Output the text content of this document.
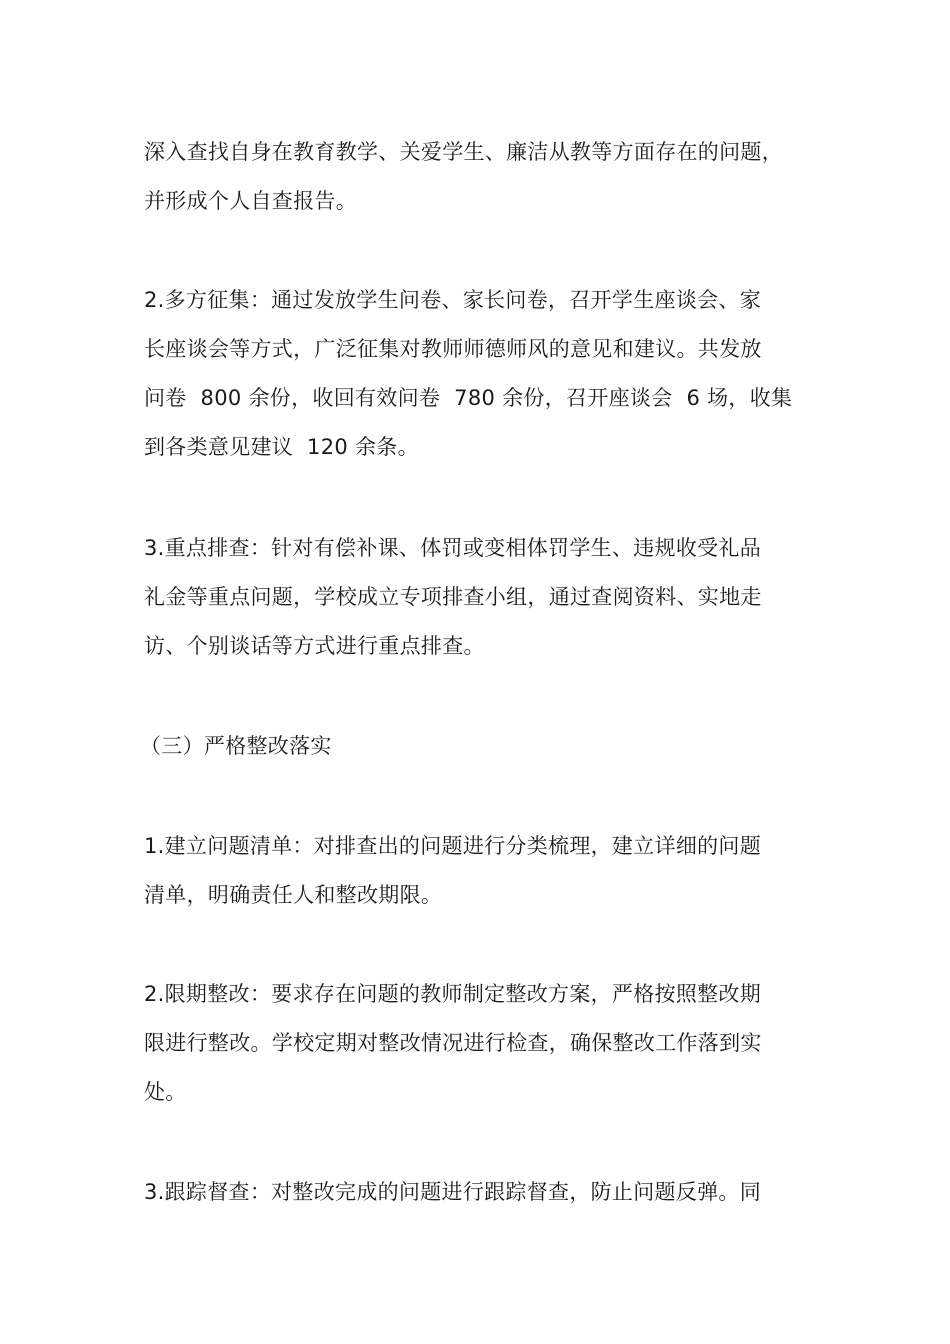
深入查找自身在教育教学、关爱学生、廉洁从教等方面存在的问题，
并形成个人自查报告。
2.多方征集：通过发放学生问卷、家长问卷，召开学生座谈会、家
长座谈会等方式，广泛征集对教师师德师风的意见和建议。共发放
问卷  800 余份，收回有效问卷  780 余份，召开座谈会  6 场，收集
到各类意见建议  120 余条。
3.重点排查：针对有偿补课、体罚或变相体罚学生、违规收受礼品
礼金等重点问题，学校成立专项排查小组，通过查阅资料、实地走
访、个别谈话等方式进行重点排查。
（三）严格整改落实
1.建立问题清单：对排查出的问题进行分类梳理，建立详细的问题
清单，明确责任人和整改期限。
2.限期整改：要求存在问题的教师制定整改方案，严格按照整改期
限进行整改。学校定期对整改情况进行检查，确保整改工作落到实
处。
3.跟踪督查：对整改完成的问题进行跟踪督查，防止问题反弹。同
